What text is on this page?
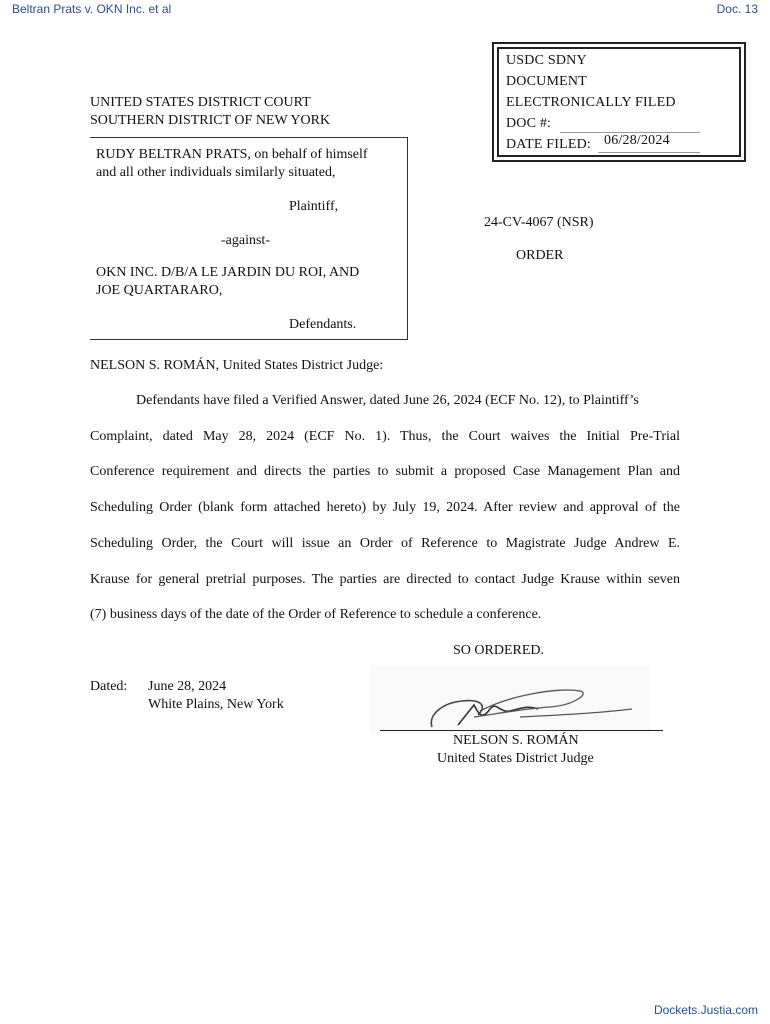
Beltran Prats v. OKN Inc. et al	Doc. 13
USDC SDNY
DOCUMENT
ELECTRONICALLY FILED
DOC #:
DATE FILED: 06/28/2024
UNITED STATES DISTRICT COURT
SOUTHERN DISTRICT OF NEW YORK
RUDY BELTRAN PRATS, on behalf of himself
and all other individuals similarly situated,
Plaintiff,
-against-
OKN INC. D/B/A LE JARDIN DU ROI, AND
JOE QUARTARARO,
Defendants.
24-CV-4067 (NSR)
ORDER
NELSON S. ROMÁN, United States District Judge:
Defendants have filed a Verified Answer, dated June 26, 2024 (ECF No. 12), to Plaintiff’s
Complaint, dated May 28, 2024 (ECF No. 1). Thus, the Court waives the Initial Pre-Trial
Conference requirement and directs the parties to submit a proposed Case Management Plan and
Scheduling Order (blank form attached hereto) by July 19, 2024. After review and approval of the
Scheduling Order, the Court will issue an Order of Reference to Magistrate Judge Andrew E.
Krause for general pretrial purposes. The parties are directed to contact Judge Krause within seven
(7) business days of the date of the Order of Reference to schedule a conference.
SO ORDERED.
Dated: June 28, 2024
White Plains, New York
NELSON S. ROMÁN
United States District Judge
Dockets.Justia.com
